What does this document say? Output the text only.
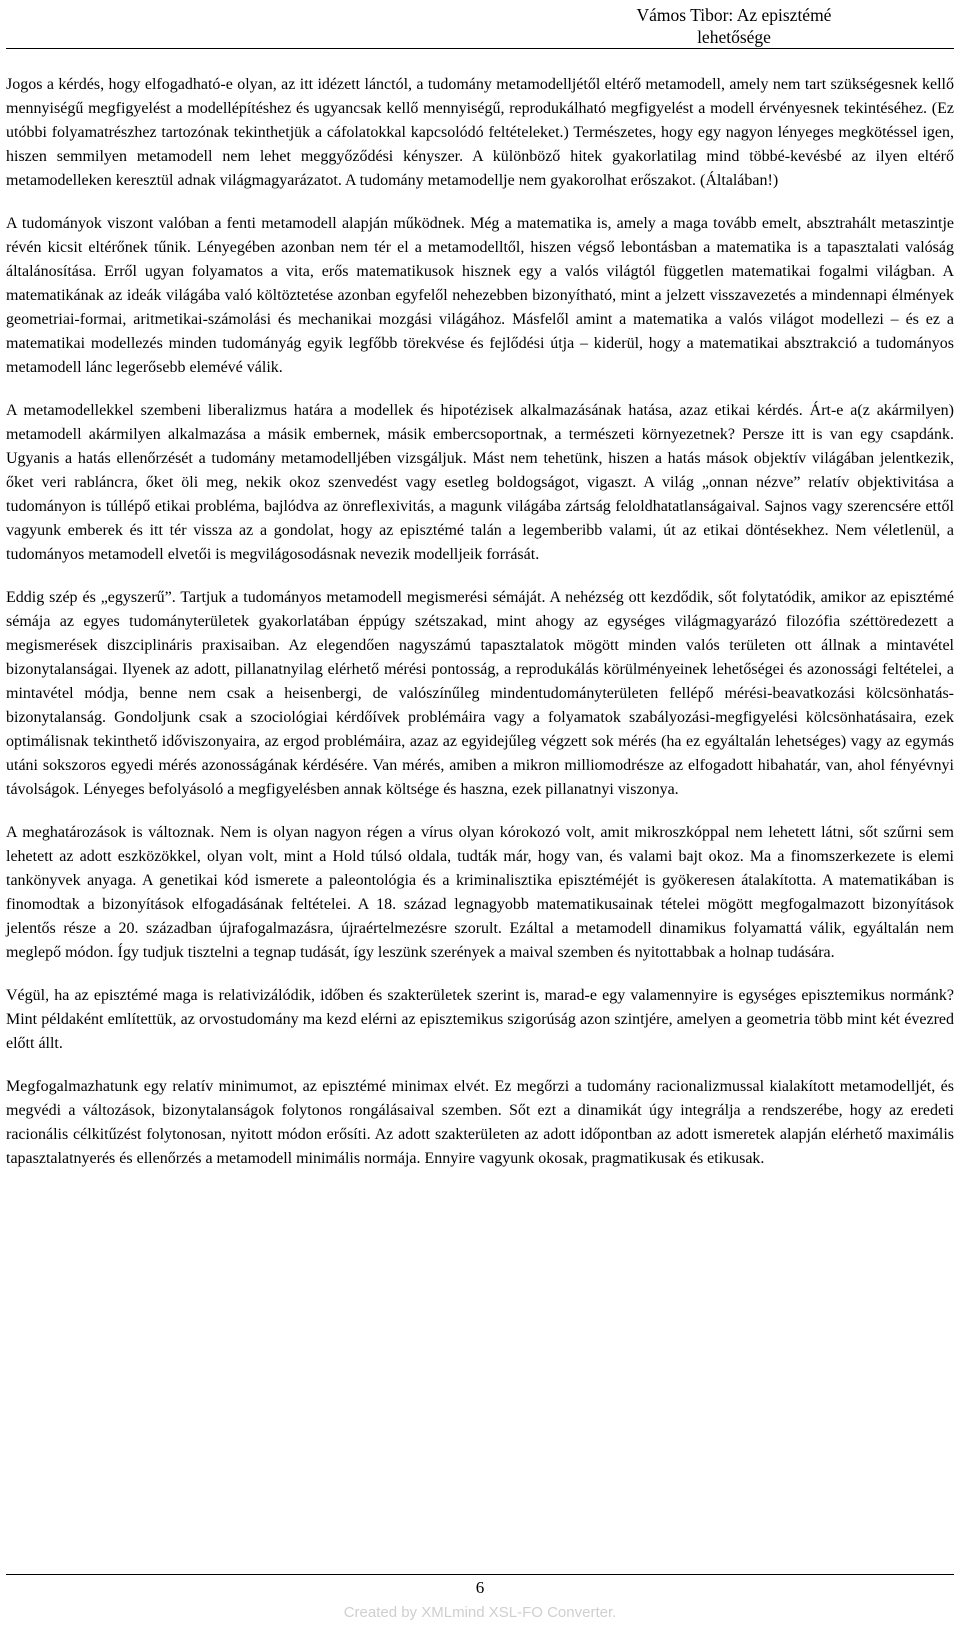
Vámos Tibor: Az episztémé
lehetősége

Jogos a kérdés, hogy elfogadható-e olyan, az itt idézett lánctól, a tudomány metamodelljétől eltérő metamodell, amely nem tart szükségesnek kellő mennyiségű megfigyelést a modellépítéshez és ugyancsak kellő mennyiségű, reprodukálható megfigyelést a modell érvényesnek tekintéséhez. (Ez utóbbi folyamatrészhez tartozónak tekinthetjük a cáfolatokkal kapcsolódó feltételeket.) Természetes, hogy egy nagyon lényeges megkötéssel igen, hiszen semmilyen metamodell nem lehet meggyőződési kényszer. A különböző hitek gyakorlatilag mind többé-kevésbé az ilyen eltérő metamodelleken keresztül adnak világmagyarázatot. A tudomány metamodellje nem gyakorolhat erőszakot. (Általában!)

A tudományok viszont valóban a fenti metamodell alapján működnek. Még a matematika is, amely a maga tovább emelt, absztrahált metaszintje révén kicsit eltérőnek tűnik. Lényegében azonban nem tér el a metamodelltől, hiszen végső lebontásban a matematika is a tapasztalati valóság általánosítása. Erről ugyan folyamatos a vita, erős matematikusok hisznek egy a valós világtól független matematikai fogalmi világban. A matematikának az ideák világába való költöztetése azonban egyfelől nehezebben bizonyítható, mint a jelzett visszavezetés a mindennapi élmények geometriai-formai, aritmetikai-számolási és mechanikai mozgási világához. Másfelől amint a matematika a valós világot modellezi – és ez a matematikai modellezés minden tudományág egyik legfőbb törekvése és fejlődési útja – kiderül, hogy a matematikai absztrakció a tudományos metamodell lánc legerősebb elemévé válik.

A metamodellekkel szembeni liberalizmus határa a modellek és hipotézisek alkalmazásának hatása, azaz etikai kérdés. Árt-e a(z akármilyen) metamodell akármilyen alkalmazása a másik embernek, másik embercsoportnak, a természeti környezetnek? Persze itt is van egy csapdánk. Ugyanis a hatás ellenőrzését a tudomány metamodelljében vizsgáljuk. Mást nem tehetünk, hiszen a hatás mások objektív világában jelentkezik, őket veri rabláncra, őket öli meg, nekik okoz szenvedést vagy esetleg boldogságot, vigaszt. A világ „onnan nézve” relatív objektivitása a tudományon is túllépő etikai probléma, bajlódva az önreflexivitás, a magunk világába zártság feloldhatatlanságaival. Sajnos vagy szerencsére ettől vagyunk emberek és itt tér vissza az a gondolat, hogy az episztémé talán a legemberibb valami, út az etikai döntésekhez. Nem véletlenül, a tudományos metamodell elvetői is megvilágosodásnak nevezik modelljeik forrását.

Eddig szép és „egyszerű”. Tartjuk a tudományos metamodell megismerési sémáját. A nehézség ott kezdődik, sőt folytatódik, amikor az episztémé sémája az egyes tudományterületek gyakorlatában éppúgy szétszakad, mint ahogy az egységes világmagyarázó filozófia széttöredezett a megismerések diszciplináris praxisaiban. Az elegendően nagyszámú tapasztalatok mögött minden valós területen ott állnak a mintavétel bizonytalanságai. Ilyenek az adott, pillanatnyilag elérhető mérési pontosság, a reprodukálás körülményeinek lehetőségei és azonossági feltételei, a mintavétel módja, benne nem csak a heisenbergi, de valószínűleg mindentudományterületen fellépő mérési-beavatkozási kölcsönhatás-bizonytalanság. Gondoljunk csak a szociológiai kérdőívek problémáira vagy a folyamatok szabályozási-megfigyelési kölcsönhatásaira, ezek optimálisnak tekinthető időviszonyaira, az ergod problémáira, azaz az egyidejűleg végzett sok mérés (ha ez egyáltalán lehetséges) vagy az egymás utáni sokszoros egyedi mérés azonosságának kérdésére. Van mérés, amiben a mikron milliomodrésze az elfogadott hibahatár, van, ahol fényévnyi távolságok. Lényeges befolyásoló a megfigyelésben annak költsége és haszna, ezek pillanatnyi viszonya.

A meghatározások is változnak. Nem is olyan nagyon régen a vírus olyan kórokozó volt, amit mikroszkóppal nem lehetett látni, sőt szűrni sem lehetett az adott eszközökkel, olyan volt, mint a Hold túlsó oldala, tudták már, hogy van, és valami bajt okoz. Ma a finomszerkezete is elemi tankönyvek anyaga. A genetikai kód ismerete a paleontológia és a kriminalisztika episztéméjét is gyökeresen átalakította. A matematikában is finomodtak a bizonyítások elfogadásának feltételei. A 18. század legnagyobb matematikusainak tételei mögött megfogalmazott bizonyítások jelentős része a 20. században újrafogalmazásra, újraértelmezésre szorult. Ezáltal a metamodell dinamikus folyamattá válik, egyáltalán nem meglepő módon. Így tudjuk tisztelni a tegnap tudását, így leszünk szerények a maival szemben és nyitottabbak a holnap tudására.

Végül, ha az episztémé maga is relativizálódik, időben és szakterületek szerint is, marad-e egy valamennyire is egységes episztemikus normánk? Mint példaként említettük, az orvostudomány ma kezd elérni az episztemikus szigorúság azon szintjére, amelyen a geometria több mint két évezred előtt állt.

Megfogalmazhatunk egy relatív minimumot, az episztémé minimax elvét. Ez megőrzi a tudomány racionalizmussal kialakított metamodelljét, és megvédi a változások, bizonytalanságok folytonos rongálásaival szemben. Sőt ezt a dinamikát úgy integrálja a rendszerébe, hogy az eredeti racionális célkitűzést folytonosan, nyitott módon erősíti. Az adott szakterületen az adott időpontban az adott ismeretek alapján elérhető maximális tapasztalatnyerés és ellenőrzés a metamodell minimális normája. Ennyire vagyunk okosak, pragmatikusak és etikusak.

6
Created by XMLmind XSL-FO Converter.
